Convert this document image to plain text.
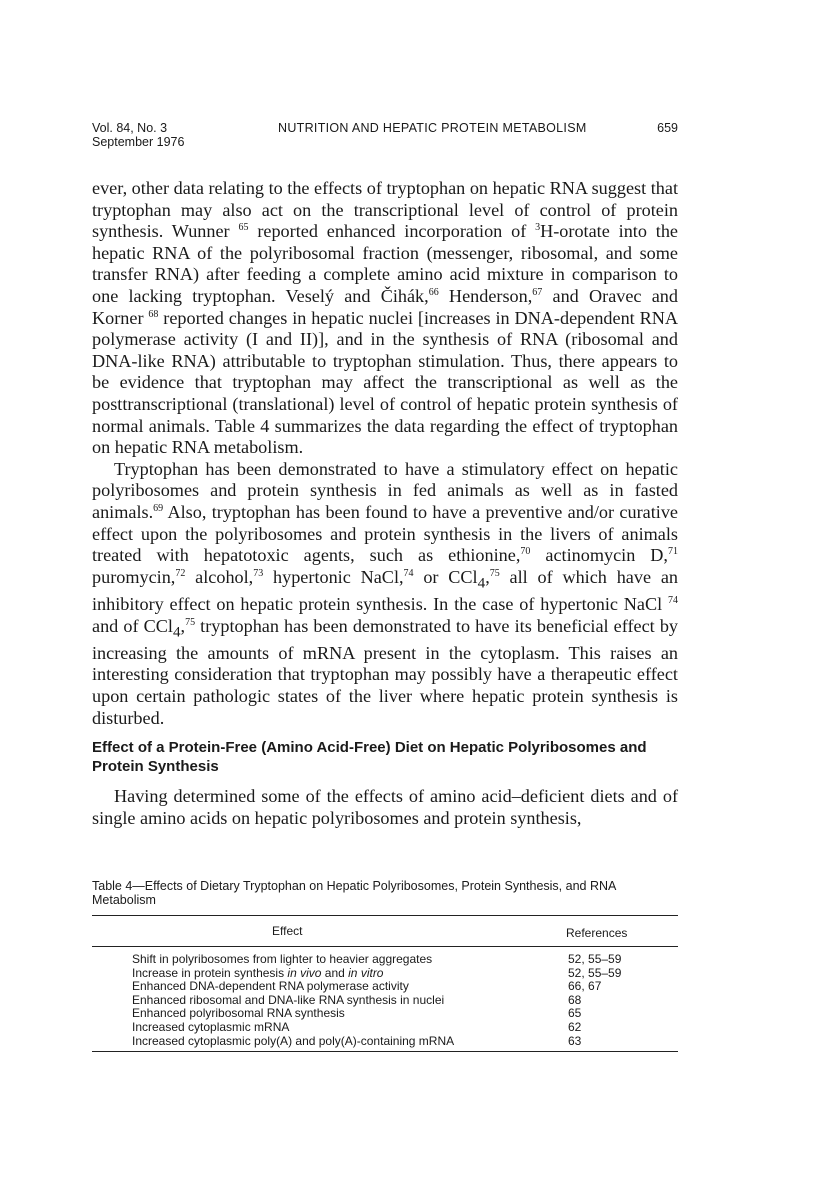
Vol. 84, No. 3
September 1976
NUTRITION AND HEPATIC PROTEIN METABOLISM	659

ever, other data relating to the effects of tryptophan on hepatic RNA suggest that tryptophan may also act on the transcriptional level of control of protein synthesis. Wunner $^{65}$ reported enhanced incorporation of $^3$H-orotate into the hepatic RNA of the polyribosomal fraction (messenger, ribosomal, and some transfer RNA) after feeding a complete amino acid mixture in comparison to one lacking tryptophan. Veselý and Čihák,$^{66}$ Henderson,$^{67}$ and Oravec and Korner $^{68}$ reported changes in hepatic nuclei [increases in DNA-dependent RNA polymerase activity (I and II)], and in the synthesis of RNA (ribosomal and DNA-like RNA) attributable to tryptophan stimulation. Thus, there appears to be evidence that tryptophan may affect the transcriptional as well as the posttranscriptional (translational) level of control of hepatic protein synthesis of normal animals. Table 4 summarizes the data regarding the effect of tryptophan on hepatic RNA metabolism.

Tryptophan has been demonstrated to have a stimulatory effect on hepatic polyribosomes and protein synthesis in fed animals as well as in fasted animals.$^{69}$ Also, tryptophan has been found to have a preventive and/or curative effect upon the polyribosomes and protein synthesis in the livers of animals treated with hepatotoxic agents, such as ethionine,$^{70}$ actinomycin D,$^{71}$ puromycin,$^{72}$ alcohol,$^{73}$ hypertonic NaCl,$^{74}$ or CCl$_4$,$^{75}$ all of which have an inhibitory effect on hepatic protein synthesis. In the case of hypertonic NaCl $^{74}$ and of CCl$_4$,$^{75}$ tryptophan has been demonstrated to have its beneficial effect by increasing the amounts of mRNA present in the cytoplasm. This raises an interesting consideration that tryptophan may possibly have a therapeutic effect upon certain pathologic states of the liver where hepatic protein synthesis is disturbed.

Effect of a Protein-Free (Amino Acid-Free) Diet on Hepatic Polyribosomes and Protein Synthesis

Having determined some of the effects of amino acid–deficient diets and of single amino acids on hepatic polyribosomes and protein synthesis,

Table 4—Effects of Dietary Tryptophan on Hepatic Polyribosomes, Protein Synthesis, and RNA Metabolism
Effect	References
Shift in polyribosomes from lighter to heavier aggregates	52, 55–59
Increase in protein synthesis in vivo and in vitro	52, 55–59
Enhanced DNA-dependent RNA polymerase activity	66, 67
Enhanced ribosomal and DNA-like RNA synthesis in nuclei	68
Enhanced polyribosomal RNA synthesis	65
Increased cytoplasmic mRNA	62
Increased cytoplasmic poly(A) and poly(A)-containing mRNA	63
